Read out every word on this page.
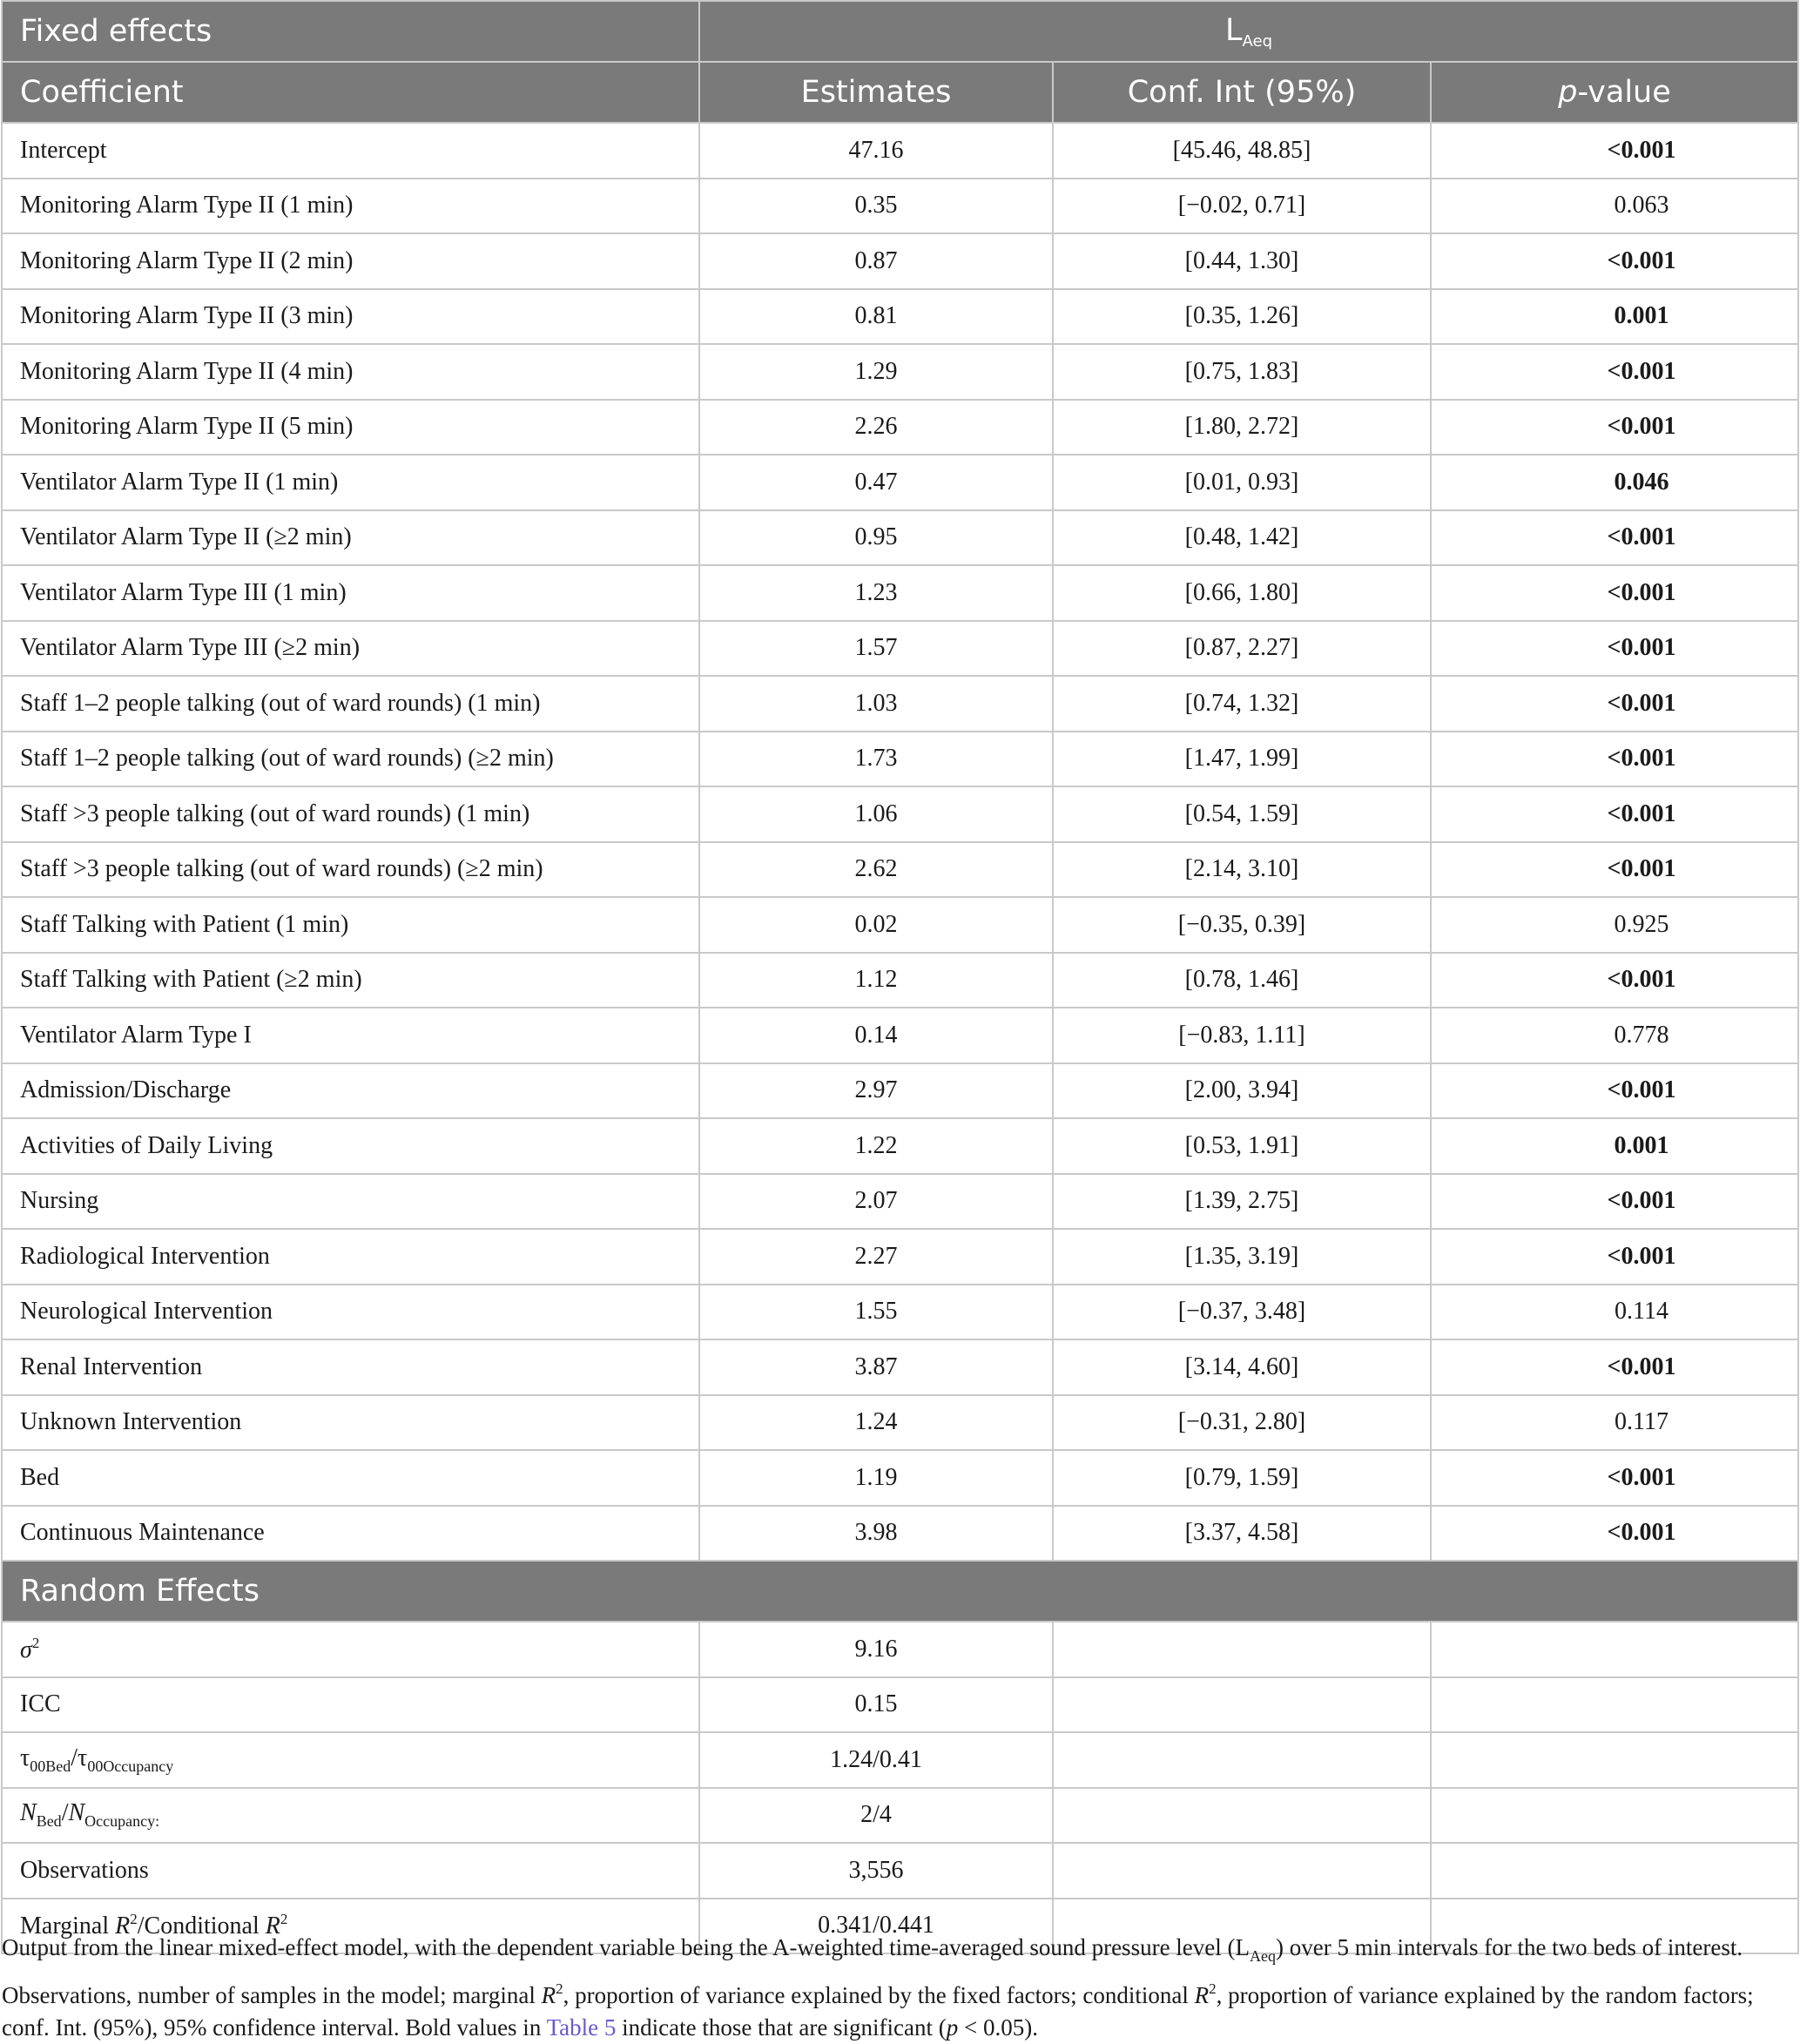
Fixed effects	$L_{Aeq}$
Coefficient	Estimates	Conf. Int (95%)	p-value
Intercept	47.16	[45.46, 48.85]	<0.001
Monitoring Alarm Type II (1 min)	0.35	[−0.02, 0.71]	0.063
Monitoring Alarm Type II (2 min)	0.87	[0.44, 1.30]	<0.001
Monitoring Alarm Type II (3 min)	0.81	[0.35, 1.26]	0.001
Monitoring Alarm Type II (4 min)	1.29	[0.75, 1.83]	<0.001
Monitoring Alarm Type II (5 min)	2.26	[1.80, 2.72]	<0.001
Ventilator Alarm Type II (1 min)	0.47	[0.01, 0.93]	0.046
Ventilator Alarm Type II (≥2 min)	0.95	[0.48, 1.42]	<0.001
Ventilator Alarm Type III (1 min)	1.23	[0.66, 1.80]	<0.001
Ventilator Alarm Type III (≥2 min)	1.57	[0.87, 2.27]	<0.001
Staff 1–2 people talking (out of ward rounds) (1 min)	1.03	[0.74, 1.32]	<0.001
Staff 1–2 people talking (out of ward rounds) (≥2 min)	1.73	[1.47, 1.99]	<0.001
Staff >3 people talking (out of ward rounds) (1 min)	1.06	[0.54, 1.59]	<0.001
Staff >3 people talking (out of ward rounds) (≥2 min)	2.62	[2.14, 3.10]	<0.001
Staff Talking with Patient (1 min)	0.02	[−0.35, 0.39]	0.925
Staff Talking with Patient (≥2 min)	1.12	[0.78, 1.46]	<0.001
Ventilator Alarm Type I	0.14	[−0.83, 1.11]	0.778
Admission/Discharge	2.97	[2.00, 3.94]	<0.001
Activities of Daily Living	1.22	[0.53, 1.91]	0.001
Nursing	2.07	[1.39, 2.75]	<0.001
Radiological Intervention	2.27	[1.35, 3.19]	<0.001
Neurological Intervention	1.55	[−0.37, 3.48]	0.114
Renal Intervention	3.87	[3.14, 4.60]	<0.001
Unknown Intervention	1.24	[−0.31, 2.80]	0.117
Bed	1.19	[0.79, 1.59]	<0.001
Continuous Maintenance	3.98	[3.37, 4.58]	<0.001
Random Effects			
$\sigma^2$	9.16		
ICC	0.15		
$\tau_{00Bed}/\tau_{00Occupancy}$	1.24/0.41		
$N_{Bed}/N_{Occupancy:}$	2/4		
Observations	3,556		
Marginal $R^2$/Conditional $R^2$	0.341/0.441		
Output from the linear mixed-effect model, with the dependent variable being the A-weighted time-averaged sound pressure level $(L_{Aeq})$ over 5 min intervals for the two beds of interest. Observations, number of samples in the model; marginal $R^2$, proportion of variance explained by the fixed factors; conditional $R^2$, proportion of variance explained by the random factors; conf. Int. (95%), 95% confidence interval. Bold values in Table 5 indicate those that are significant (p < 0.05).
